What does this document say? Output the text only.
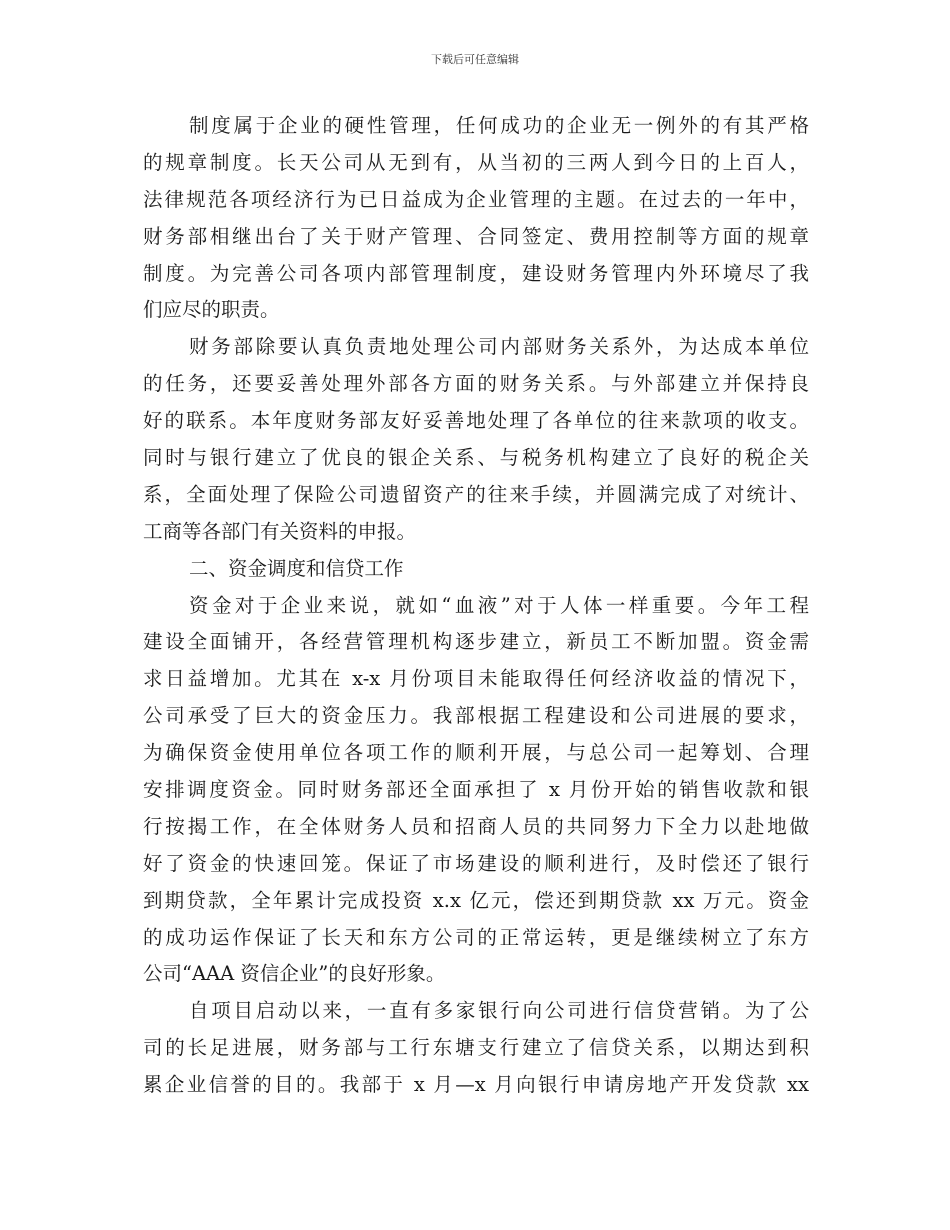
下载后可任意编辑
制度属于企业的硬性管理，任何成功的企业无一例外的有其严格
的规章制度。长天公司从无到有，从当初的三两人到今日的上百人，
法律规范各项经济行为已日益成为企业管理的主题。在过去的一年中，
财务部相继出台了关于财产管理、合同签定、费用控制等方面的规章
制度。为完善公司各项内部管理制度，建设财务管理内外环境尽了我
们应尽的职责。
财务部除要认真负责地处理公司内部财务关系外，为达成本单位
的任务，还要妥善处理外部各方面的财务关系。与外部建立并保持良
好的联系。本年度财务部友好妥善地处理了各单位的往来款项的收支。
同时与银行建立了优良的银企关系、与税务机构建立了良好的税企关
系，全面处理了保险公司遗留资产的往来手续，并圆满完成了对统计、
工商等各部门有关资料的申报。
二、资金调度和信贷工作
资金对于企业来说，就如“血液”对于人体一样重要。今年工程
建设全面铺开，各经营管理机构逐步建立，新员工不断加盟。资金需
求日益增加。尤其在 x-x 月份项目未能取得任何经济收益的情况下，
公司承受了巨大的资金压力。我部根据工程建设和公司进展的要求，
为确保资金使用单位各项工作的顺利开展，与总公司一起筹划、合理
安排调度资金。同时财务部还全面承担了 x 月份开始的销售收款和银
行按揭工作，在全体财务人员和招商人员的共同努力下全力以赴地做
好了资金的快速回笼。保证了市场建设的顺利进行，及时偿还了银行
到期贷款，全年累计完成投资 x.x 亿元，偿还到期贷款 xx 万元。资金
的成功运作保证了长天和东方公司的正常运转，更是继续树立了东方
公司“AAA 资信企业”的良好形象。
自项目启动以来，一直有多家银行向公司进行信贷营销。为了公
司的长足进展，财务部与工行东塘支行建立了信贷关系，以期达到积
累企业信誉的目的。我部于 x 月—x 月向银行申请房地产开发贷款 xx
